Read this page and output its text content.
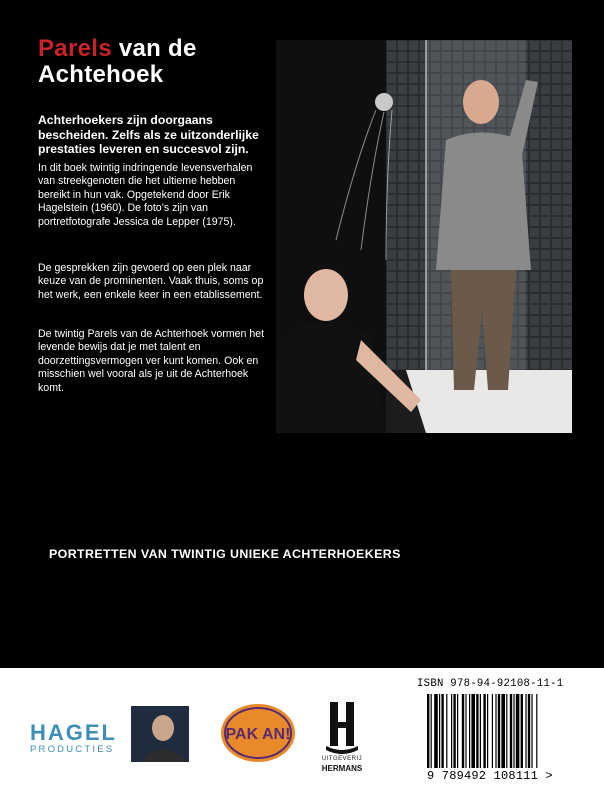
Parels van de
Achtehoek
Achterhoekers zijn doorgaans bescheiden. Zelfs als ze uitzonderlijke prestaties leveren en succesvol zijn.
In dit boek twintig indringende levensverhalen van streekgenoten die het ultieme hebben bereikt in hun vak. Opgetekend door Erik Hagelstein (1960). De foto’s zijn van portretfotografe Jessica de Lepper (1975).
De gesprekken zijn gevoerd op een plek naar keuze van de prominenten. Vaak thuis, soms op het werk, een enkele keer in een etablissement.
De twintig Parels van de Achterhoek vormen het levende bewijs dat je met talent en doorzettingsvermogen ver kunt komen. Ook en misschien wel vooral als je uit de Achterhoek komt.
PORTRETTEN VAN TWINTIG UNIEKE ACHTERHOEKERS
HAGEL
PRODUCTIES
PAK AN!
UITGEVERIJ
HERMANS
ISBN 978-94-92108-11-1
9 789492 108111 >
